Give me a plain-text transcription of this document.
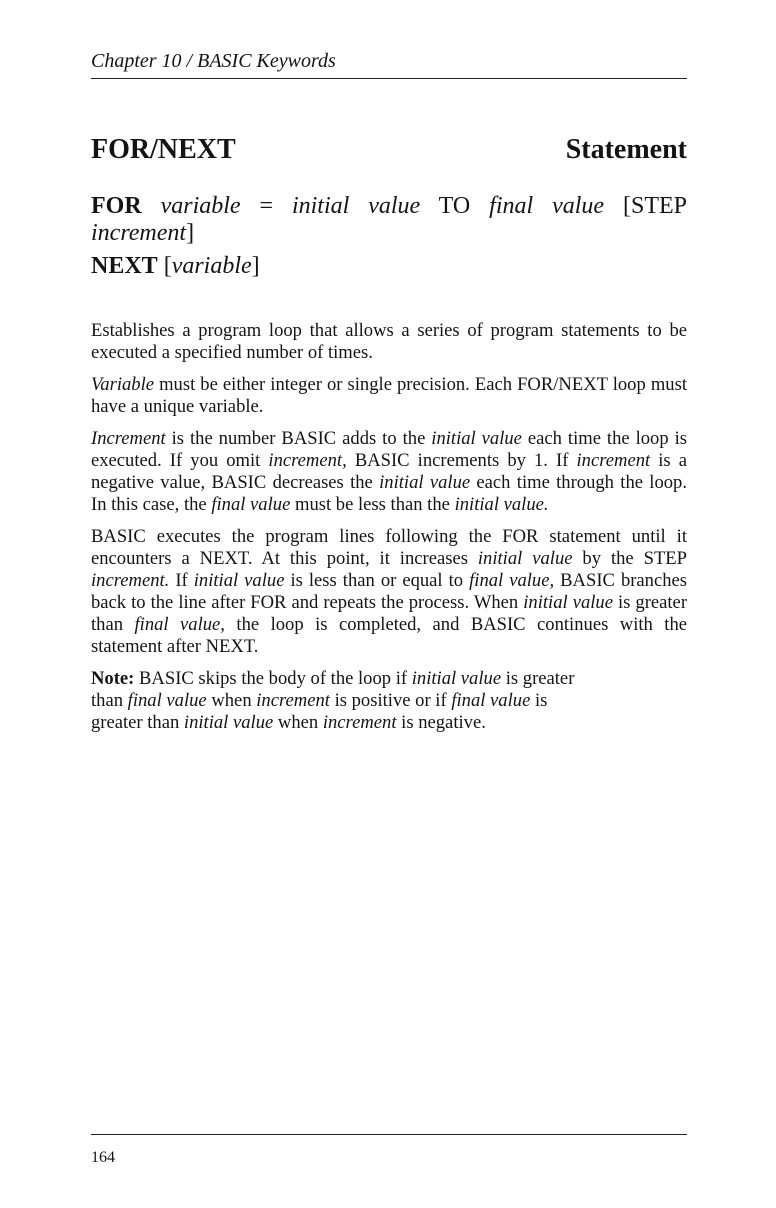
Chapter 10 / BASIC Keywords
FOR/NEXT	Statement
FOR variable = initial value TO final value [STEP increment]
NEXT [variable]

Establishes a program loop that allows a series of program statements to be executed a specified number of times.

Variable must be either integer or single precision. Each FOR/NEXT loop must have a unique variable.

Increment is the number BASIC adds to the initial value each time the loop is executed. If you omit increment, BASIC increments by 1. If increment is a negative value, BASIC decreases the initial value each time through the loop. In this case, the final value must be less than the initial value.

BASIC executes the program lines following the FOR statement until it encounters a NEXT. At this point, it increases initial value by the STEP increment. If initial value is less than or equal to final value, BASIC branches back to the line after FOR and repeats the process. When initial value is greater than final value, the loop is completed, and BASIC continues with the statement after NEXT.

Note: BASIC skips the body of the loop if initial value is greater than final value when increment is positive or if final value is greater than initial value when increment is negative.

164
